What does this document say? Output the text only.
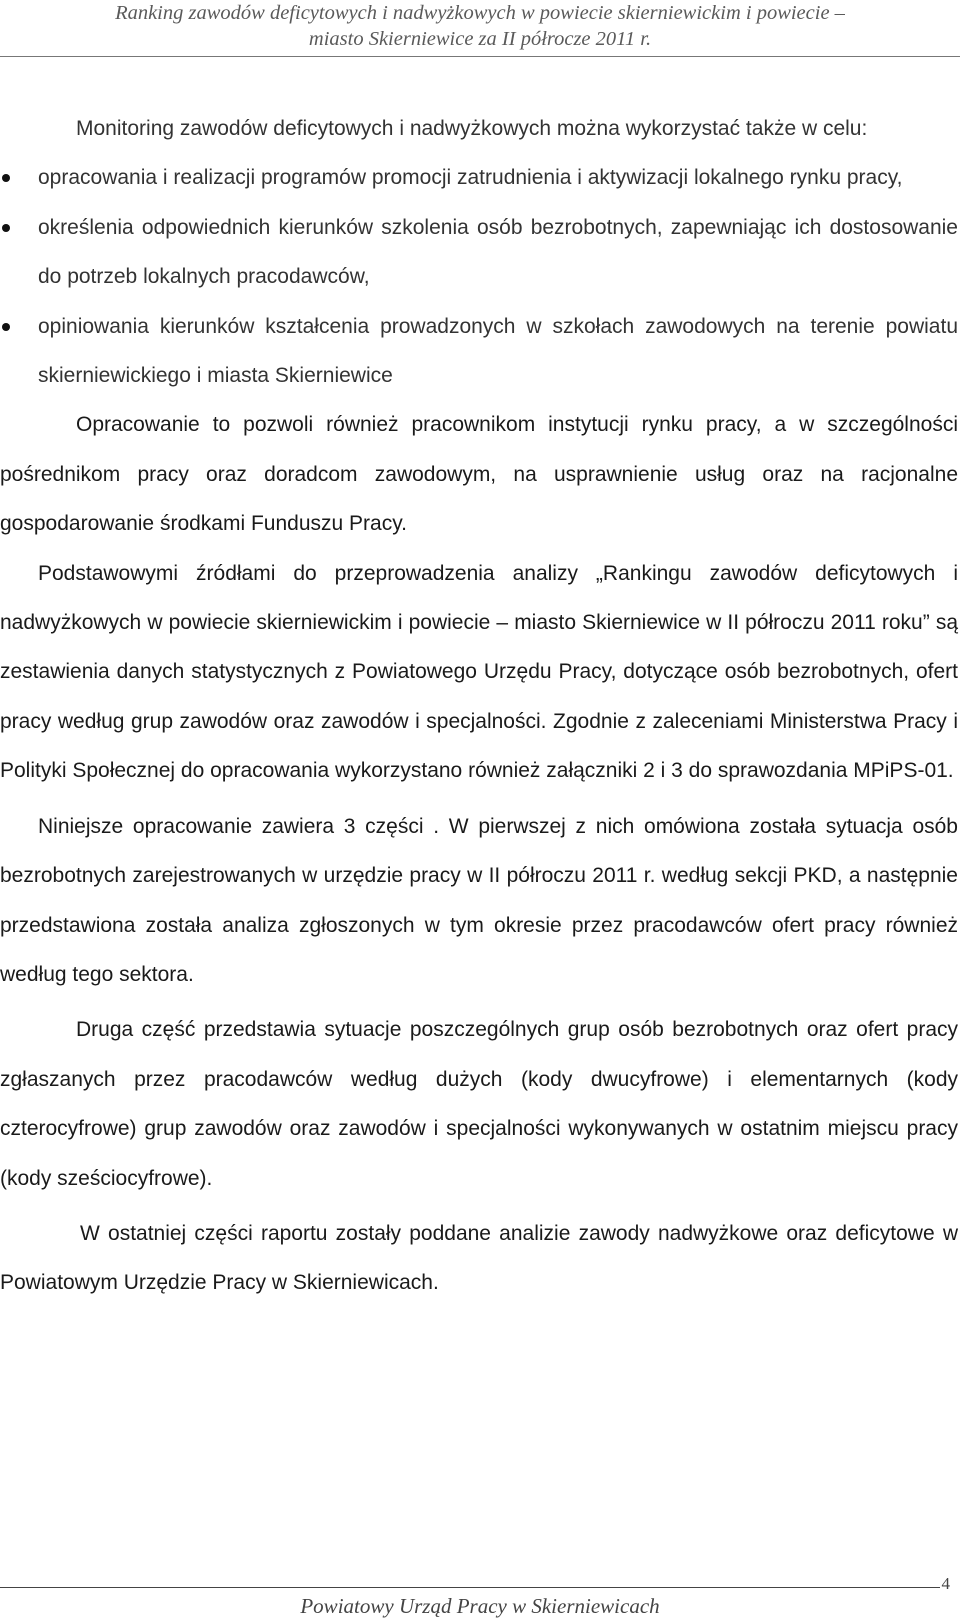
Ranking zawodów deficytowych i nadwyżkowych w powiecie skierniewickim i powiecie –
miasto Skierniewice za II półrocze 2011 r.

Monitoring zawodów deficytowych i nadwyżkowych można wykorzystać także w celu:

opracowania i realizacji programów promocji zatrudnienia i aktywizacji lokalnego rynku pracy,
określenia odpowiednich kierunków szkolenia osób bezrobotnych, zapewniając ich dostosowanie do potrzeb lokalnych pracodawców,
opiniowania kierunków kształcenia prowadzonych w szkołach zawodowych na terenie powiatu skierniewickiego i miasta Skierniewice

Opracowanie to pozwoli również pracownikom instytucji rynku pracy, a w szczególności pośrednikom pracy oraz doradcom zawodowym, na usprawnienie usług oraz na racjonalne gospodarowanie środkami Funduszu Pracy.

Podstawowymi źródłami do przeprowadzenia analizy „Rankingu zawodów deficytowych i nadwyżkowych w powiecie skierniewickim i powiecie – miasto Skierniewice w II półroczu 2011 roku” są zestawienia danych statystycznych z Powiatowego Urzędu Pracy, dotyczące osób bezrobotnych, ofert pracy według grup zawodów oraz zawodów i specjalności. Zgodnie z zaleceniami Ministerstwa Pracy i Polityki Społecznej do opracowania wykorzystano również załączniki 2 i 3 do sprawozdania MPiPS-01.

Niniejsze opracowanie zawiera 3 części . W pierwszej z nich omówiona została sytuacja osób bezrobotnych zarejestrowanych w urzędzie pracy w II półroczu 2011 r. według sekcji PKD, a następnie przedstawiona została analiza zgłoszonych w tym okresie przez pracodawców ofert pracy również według tego sektora.

Druga część przedstawia sytuacje poszczególnych grup osób bezrobotnych oraz ofert pracy zgłaszanych przez pracodawców według dużych (kody dwucyfrowe) i elementarnych (kody czterocyfrowe) grup zawodów oraz zawodów i specjalności wykonywanych w ostatnim miejscu pracy (kody sześciocyfrowe).

W ostatniej części raportu zostały poddane analizie zawody nadwyżkowe oraz deficytowe w Powiatowym Urzędzie Pracy w Skierniewicach.

4
Powiatowy Urząd Pracy w Skierniewicach
